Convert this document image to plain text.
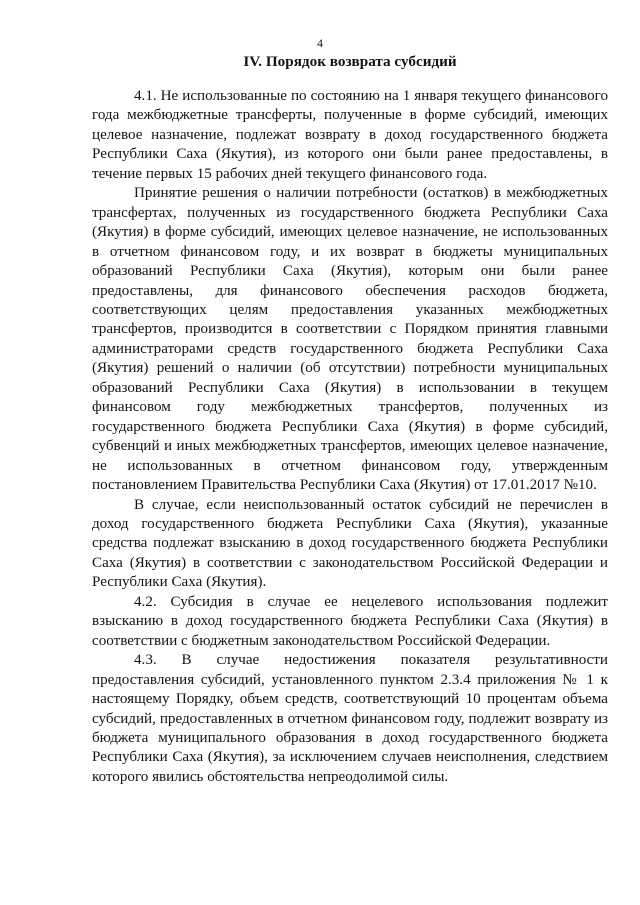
4
IV. Порядок возврата субсидий

4.1. Не использованные по состоянию на 1 января текущего финансового года межбюджетные трансферты, полученные в форме субсидий, имеющих целевое назначение, подлежат возврату в доход государственного бюджета Республики Саха (Якутия), из которого они были ранее предоставлены, в течение первых 15 рабочих дней текущего финансового года.

Принятие решения о наличии потребности (остатков) в межбюджетных трансфертах, полученных из государственного бюджета Республики Саха (Якутия) в форме субсидий, имеющих целевое назначение, не использованных в отчетном финансовом году, и их возврат в бюджеты муниципальных образований Республики Саха (Якутия), которым они были ранее предоставлены, для финансового обеспечения расходов бюджета, соответствующих целям предоставления указанных межбюджетных трансфертов, производится в соответствии с Порядком принятия главными администраторами средств государственного бюджета Республики Саха (Якутия) решений о наличии (об отсутствии) потребности муниципальных образований Республики Саха (Якутия) в использовании в текущем финансовом году межбюджетных трансфертов, полученных из государственного бюджета Республики Саха (Якутия) в форме субсидий, субвенций и иных межбюджетных трансфертов, имеющих целевое назначение, не использованных в отчетном финансовом году, утвержденным постановлением Правительства Республики Саха (Якутия) от 17.01.2017 №10.

В случае, если неиспользованный остаток субсидий не перечислен в доход государственного бюджета Республики Саха (Якутия), указанные средства подлежат взысканию в доход государственного бюджета Республики Саха (Якутия) в соответствии с законодательством Российской Федерации и Республики Саха (Якутия).

4.2. Субсидия в случае ее нецелевого использования подлежит взысканию в доход государственного бюджета Республики Саха (Якутия) в соответствии с бюджетным законодательством Российской Федерации.

4.3. В случае недостижения показателя результативности предоставления субсидий, установленного пунктом 2.3.4 приложения № 1 к настоящему Порядку, объем средств, соответствующий 10 процентам объема субсидий, предоставленных в отчетном финансовом году, подлежит возврату из бюджета муниципального образования в доход государственного бюджета Республики Саха (Якутия), за исключением случаев неисполнения, следствием которого явились обстоятельства непреодолимой силы.
